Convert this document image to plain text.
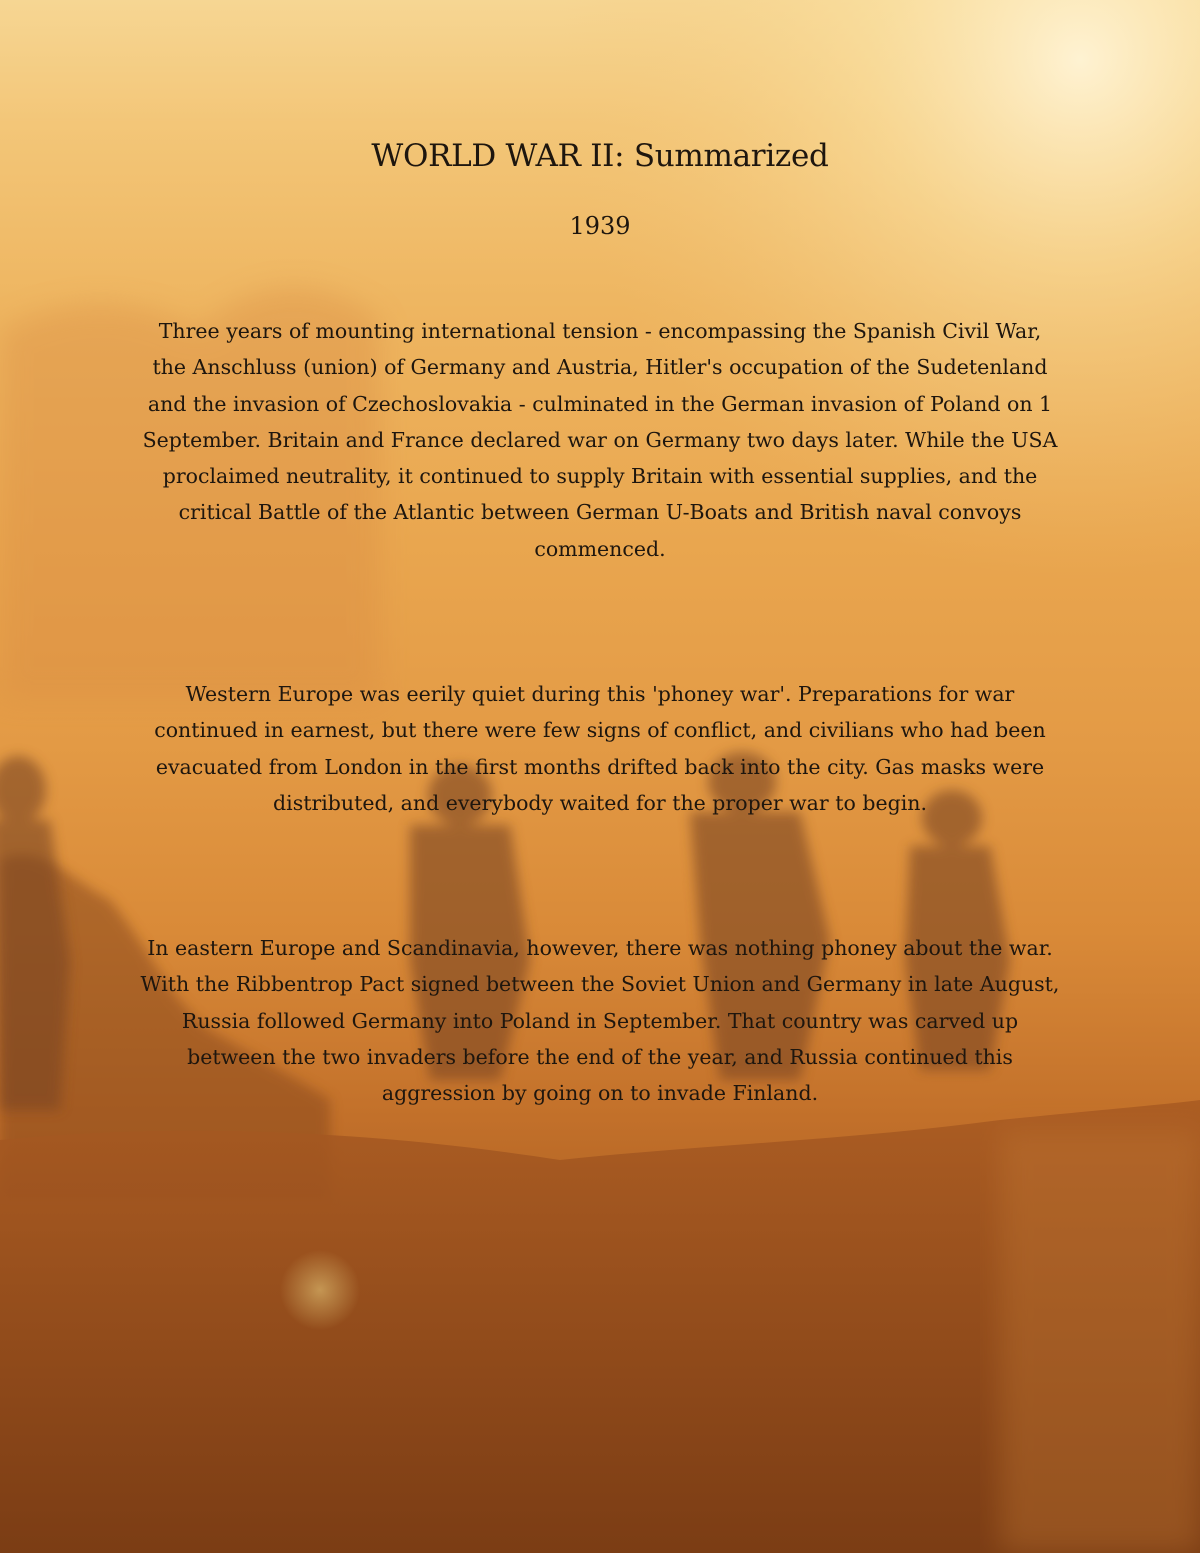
WORLD WAR II: Summarized
1939

Three years of mounting international tension - encompassing the Spanish Civil War, the Anschluss (union) of Germany and Austria, Hitler's occupation of the Sudetenland and the invasion of Czechoslovakia - culminated in the German invasion of Poland on 1 September. Britain and France declared war on Germany two days later. While the USA proclaimed neutrality, it continued to supply Britain with essential supplies, and the critical Battle of the Atlantic between German U-Boats and British naval convoys commenced.

Western Europe was eerily quiet during this 'phoney war'. Preparations for war continued in earnest, but there were few signs of conflict, and civilians who had been evacuated from London in the first months drifted back into the city. Gas masks were distributed, and everybody waited for the proper war to begin.

In eastern Europe and Scandinavia, however, there was nothing phoney about the war. With the Ribbentrop Pact signed between the Soviet Union and Germany in late August, Russia followed Germany into Poland in September. That country was carved up between the two invaders before the end of the year, and Russia continued this aggression by going on to invade Finland.
